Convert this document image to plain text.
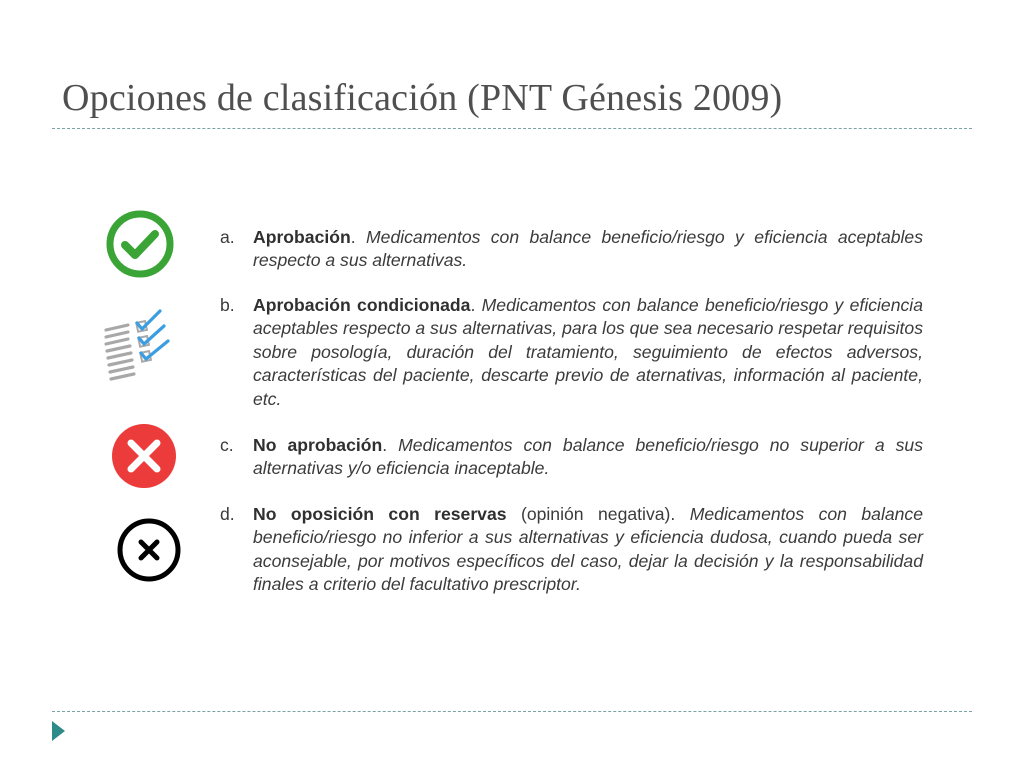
Opciones de clasificación (PNT Génesis 2009)
a.	Aprobación. Medicamentos con balance beneficio/riesgo y eficiencia aceptables respecto a sus alternativas.
b.	Aprobación condicionada. Medicamentos con balance beneficio/riesgo y eficiencia aceptables respecto a sus alternativas, para los que sea necesario respetar requisitos sobre posología, duración del tratamiento, seguimiento de efectos adversos, características del paciente, descarte previo de aternativas, información al paciente, etc.
c.	No aprobación. Medicamentos con balance beneficio/riesgo no superior a sus alternativas y/o eficiencia inaceptable.
d.	No oposición con reservas (opinión negativa). Medicamentos con balance beneficio/riesgo no inferior a sus alternativas y eficiencia dudosa, cuando pueda ser aconsejable, por motivos específicos del caso, dejar la decisión y la responsabilidad finales a criterio del facultativo prescriptor.
